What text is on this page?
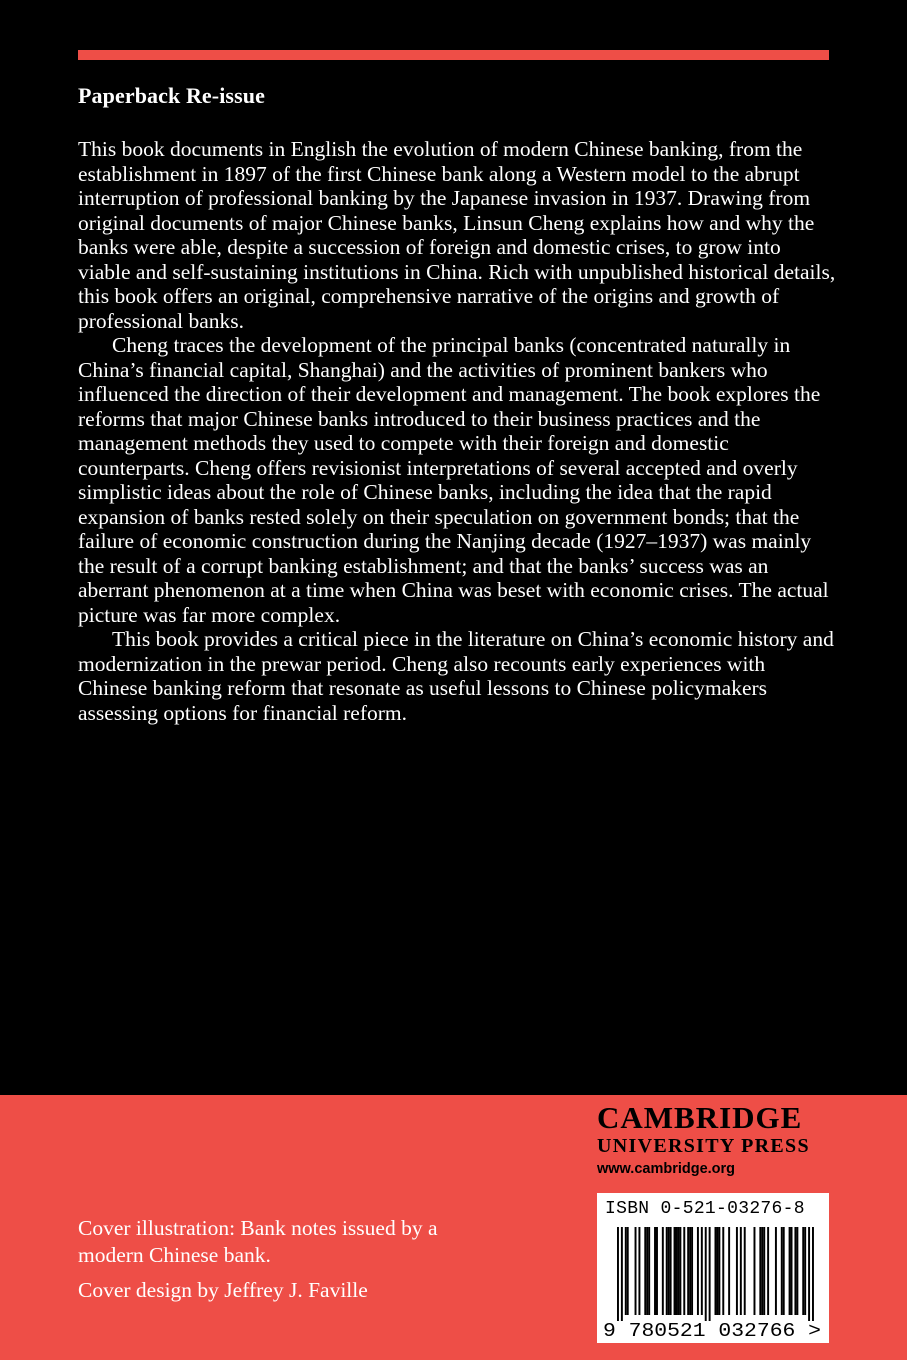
Paperback Re-issue

This book documents in English the evolution of modern Chinese banking, from the establishment in 1897 of the first Chinese bank along a Western model to the abrupt interruption of professional banking by the Japanese invasion in 1937. Drawing from original documents of major Chinese banks, Linsun Cheng explains how and why the banks were able, despite a succession of foreign and domestic crises, to grow into viable and self-sustaining institutions in China. Rich with unpublished historical details, this book offers an original, comprehensive narrative of the origins and growth of professional banks.

Cheng traces the development of the principal banks (concentrated naturally in China’s financial capital, Shanghai) and the activities of prominent bankers who influenced the direction of their development and management. The book explores the reforms that major Chinese banks introduced to their business practices and the management methods they used to compete with their foreign and domestic counterparts. Cheng offers revisionist interpretations of several accepted and overly simplistic ideas about the role of Chinese banks, including the idea that the rapid expansion of banks rested solely on their speculation on government bonds; that the failure of economic construction during the Nanjing decade (1927–1937) was mainly the result of a corrupt banking establishment; and that the banks’ success was an aberrant phenomenon at a time when China was beset with economic crises. The actual picture was far more complex.

This book provides a critical piece in the literature on China’s economic history and modernization in the prewar period. Cheng also recounts early experiences with Chinese banking reform that resonate as useful lessons to Chinese policymakers assessing options for financial reform.

Cover illustration: Bank notes issued by a modern Chinese bank.

Cover design by Jeffrey J. Faville

CAMBRIDGE
UNIVERSITY PRESS
www.cambridge.org
ISBN 0-521-03276-8
9 780521 032766 >
